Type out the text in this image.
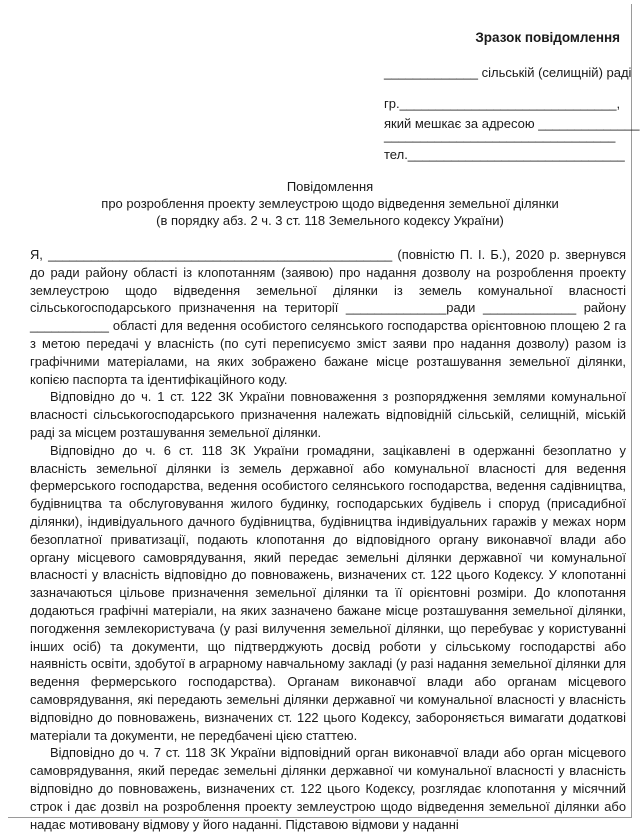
Зразок повідомлення
_____________ сільській (селищній) раді
гр.______________________________,
який мешкає за адресою ______________
________________________________
тел.______________________________
Повідомлення
про розроблення проекту землеустрою щодо відведення земельної ділянки
(в порядку абз. 2 ч. 3 ст. 118 Земельного кодексу України)

Я, ________________________________________________ (повністю П. І. Б.), 2020 р. звернувся до ради району області із клопотанням (заявою) про надання дозволу на розроблення проекту землеустрою щодо відведення земельної ділянки із земель комунальної власності сільськогосподарського призначення на території ______________ради _____________ району ___________ області для ведення особистого селянського господарства орієнтовною площею 2 га з метою передачі у власність (по суті переписуємо зміст заяви про надання дозволу) разом із графічними матеріалами, на яких зображено бажане місце розташування земельної ділянки, копією паспорта та ідентифікаційного коду.

Відповідно до ч. 1 ст. 122 ЗК України повноваження з розпорядження землями комунальної власності сільськогосподарського призначення належать відповідній сільській, селищній, міській раді за місцем розташування земельної ділянки.

Відповідно до ч. 6 ст. 118 ЗК України громадяни, зацікавлені в одержанні безоплатно у власність земельної ділянки із земель державної або комунальної власності для ведення фермерського господарства, ведення особистого селянського господарства, ведення садівництва, будівництва та обслуговування жилого будинку, господарських будівель і споруд (присадибної ділянки), індивідуального дачного будівництва, будівництва індивідуальних гаражів у межах норм безоплатної приватизації, подають клопотання до відповідного органу виконавчої влади або органу місцевого самоврядування, який передає земельні ділянки державної чи комунальної власності у власність відповідно до повноважень, визначених ст. 122 цього Кодексу. У клопотанні зазначаються цільове призначення земельної ділянки та її орієнтовні розміри. До клопотання додаються графічні матеріали, на яких зазначено бажане місце розташування земельної ділянки, погодження землекористувача (у разі вилучення земельної ділянки, що перебуває у користуванні інших осіб) та документи, що підтверджують досвід роботи у сільському господарстві або наявність освіти, здобутої в аграрному навчальному закладі (у разі надання земельної ділянки для ведення фермерського господарства). Органам виконавчої влади або органам місцевого самоврядування, які передають земельні ділянки державної чи комунальної власності у власність відповідно до повноважень, визначених ст. 122 цього Кодексу, забороняється вимагати додаткові матеріали та документи, не передбачені цією статтею.

Відповідно до ч. 7 ст. 118 ЗК України відповідний орган виконавчої влади або орган місцевого самоврядування, який передає земельні ділянки державної чи комунальної власності у власність відповідно до повноважень, визначених ст. 122 цього Кодексу, розглядає клопотання у місячний строк і дає дозвіл на розроблення проекту землеустрою щодо відведення земельної ділянки або надає мотивовану відмову у його наданні. Підставою відмови у наданні
